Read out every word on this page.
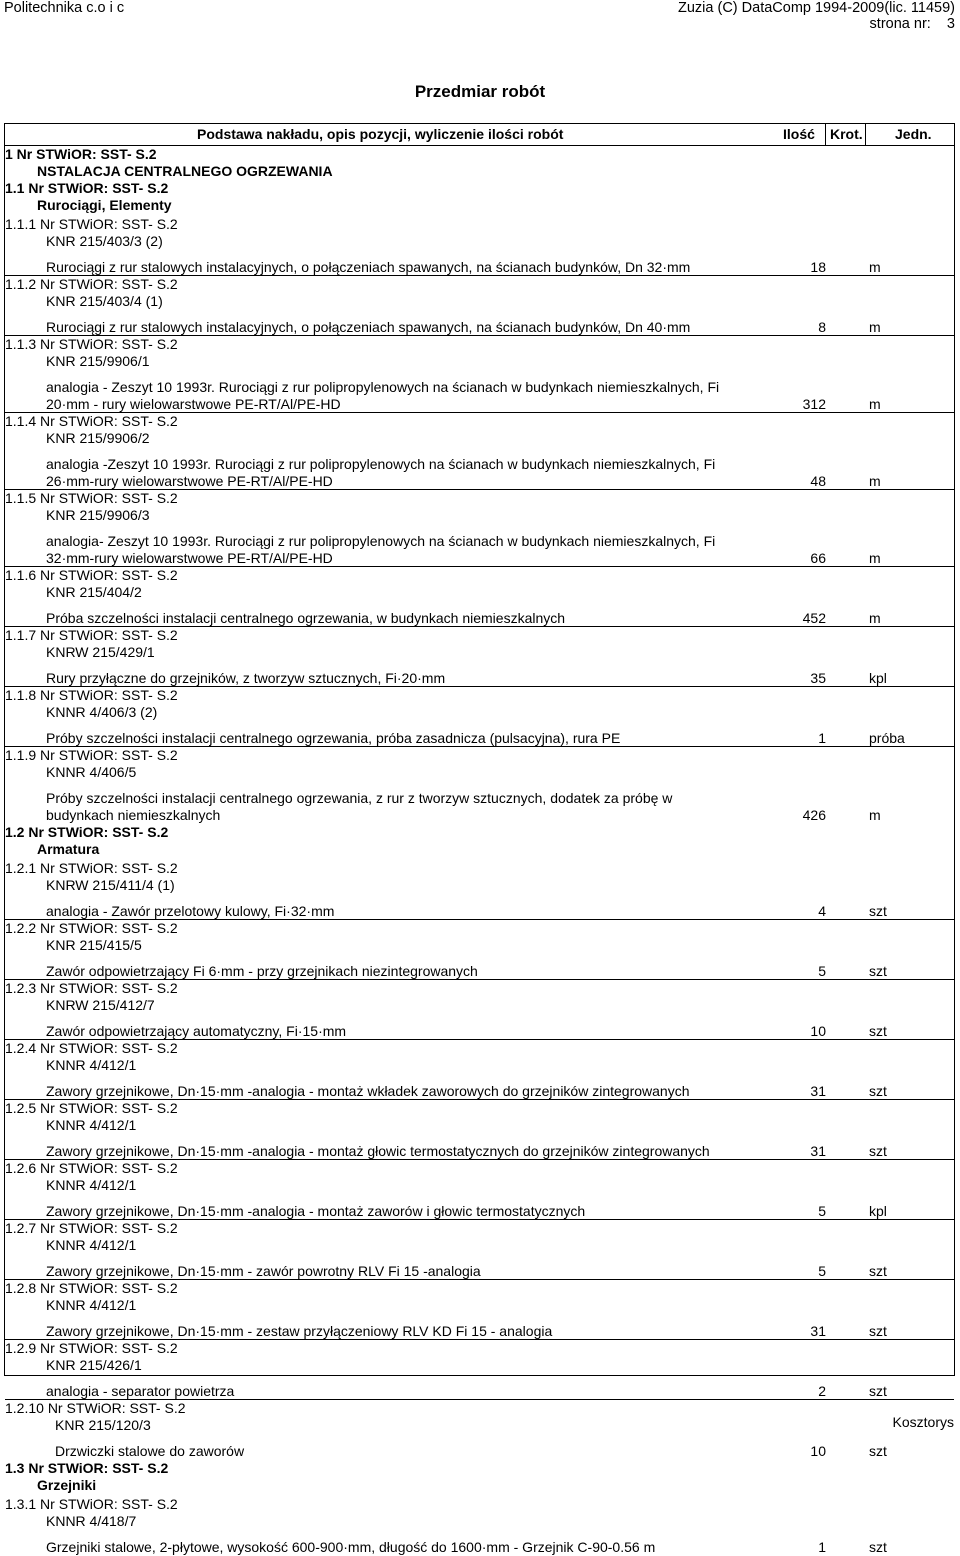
Politechnika c.o i c	Zuzia (C) DataComp 1994-2009(lic. 11459)
strona nr: 3
Przedmiar robót
Podstawa nakładu, opis pozycji, wyliczenie ilości robót	Ilość Krot. Jedn.
1 Nr STWiOR: SST- S.2
NSTALACJA CENTRALNEGO OGRZEWANIA
1.1 Nr STWiOR: SST- S.2
Rurociągi, Elementy
1.1.1 Nr STWiOR: SST- S.2
KNR 215/403/3 (2)
Rurociągi z rur stalowych instalacyjnych, o połączeniach spawanych, na ścianach budynków, Dn 32·mm	18	m
1.1.2 Nr STWiOR: SST- S.2
KNR 215/403/4 (1)
Rurociągi z rur stalowych instalacyjnych, o połączeniach spawanych, na ścianach budynków, Dn 40·mm	8	m
1.1.3 Nr STWiOR: SST- S.2
KNR 215/9906/1
analogia - Zeszyt 10 1993r. Rurociągi z rur polipropylenowych na ścianach w budynkach niemieszkalnych, Fi
20·mm - rury wielowarstwowe PE-RT/Al/PE-HD	312	m
1.1.4 Nr STWiOR: SST- S.2
KNR 215/9906/2
analogia -Zeszyt 10 1993r. Rurociągi z rur polipropylenowych na ścianach w budynkach niemieszkalnych, Fi
26·mm-rury wielowarstwowe PE-RT/Al/PE-HD	48	m
1.1.5 Nr STWiOR: SST- S.2
KNR 215/9906/3
analogia- Zeszyt 10 1993r. Rurociągi z rur polipropylenowych na ścianach w budynkach niemieszkalnych, Fi
32·mm-rury wielowarstwowe PE-RT/Al/PE-HD	66	m
1.1.6 Nr STWiOR: SST- S.2
KNR 215/404/2
Próba szczelności instalacji centralnego ogrzewania, w budynkach niemieszkalnych	452	m
1.1.7 Nr STWiOR: SST- S.2
KNRW 215/429/1
Rury przyłączne do grzejników, z tworzyw sztucznych, Fi·20·mm	35	kpl
1.1.8 Nr STWiOR: SST- S.2
KNNR 4/406/3 (2)
Próby szczelności instalacji centralnego ogrzewania, próba zasadnicza (pulsacyjna), rura PE	1	próba
1.1.9 Nr STWiOR: SST- S.2
KNNR 4/406/5
Próby szczelności instalacji centralnego ogrzewania, z rur z tworzyw sztucznych, dodatek za próbę w
budynkach niemieszkalnych	426	m
1.2 Nr STWiOR: SST- S.2
Armatura
1.2.1 Nr STWiOR: SST- S.2
KNRW 215/411/4 (1)
analogia - Zawór przelotowy kulowy, Fi·32·mm	4	szt
1.2.2 Nr STWiOR: SST- S.2
KNR 215/415/5
Zawór odpowietrzający Fi 6·mm - przy grzejnikach niezintegrowanych	5	szt
1.2.3 Nr STWiOR: SST- S.2
KNRW 215/412/7
Zawór odpowietrzający automatyczny, Fi·15·mm	10	szt
1.2.4 Nr STWiOR: SST- S.2
KNNR 4/412/1
Zawory grzejnikowe, Dn·15·mm -analogia - montaż wkładek zaworowych do grzejników zintegrowanych	31	szt
1.2.5 Nr STWiOR: SST- S.2
KNNR 4/412/1
Zawory grzejnikowe, Dn·15·mm -analogia - montaż głowic termostatycznych do grzejników zintegrowanych	31	szt
1.2.6 Nr STWiOR: SST- S.2
KNNR 4/412/1
Zawory grzejnikowe, Dn·15·mm -analogia - montaż zaworów i głowic termostatycznych	5	kpl
1.2.7 Nr STWiOR: SST- S.2
KNNR 4/412/1
Zawory grzejnikowe, Dn·15·mm - zawór powrotny RLV Fi 15 -analogia	5	szt
1.2.8 Nr STWiOR: SST- S.2
KNNR 4/412/1
Zawory grzejnikowe, Dn·15·mm - zestaw przyłączeniowy RLV KD Fi 15 - analogia	31	szt
1.2.9 Nr STWiOR: SST- S.2
KNR 215/426/1
analogia - separator powietrza	2	szt
1.2.10 Nr STWiOR: SST- S.2
KNR 215/120/3
Drzwiczki stalowe do zaworów	10	szt
1.3 Nr STWiOR: SST- S.2
Grzejniki
1.3.1 Nr STWiOR: SST- S.2
KNNR 4/418/7
Grzejniki stalowe, 2-płytowe, wysokość 600-900·mm, długość do 1600·mm - Grzejnik C-90-0.56 m	1	szt
Kosztorys
